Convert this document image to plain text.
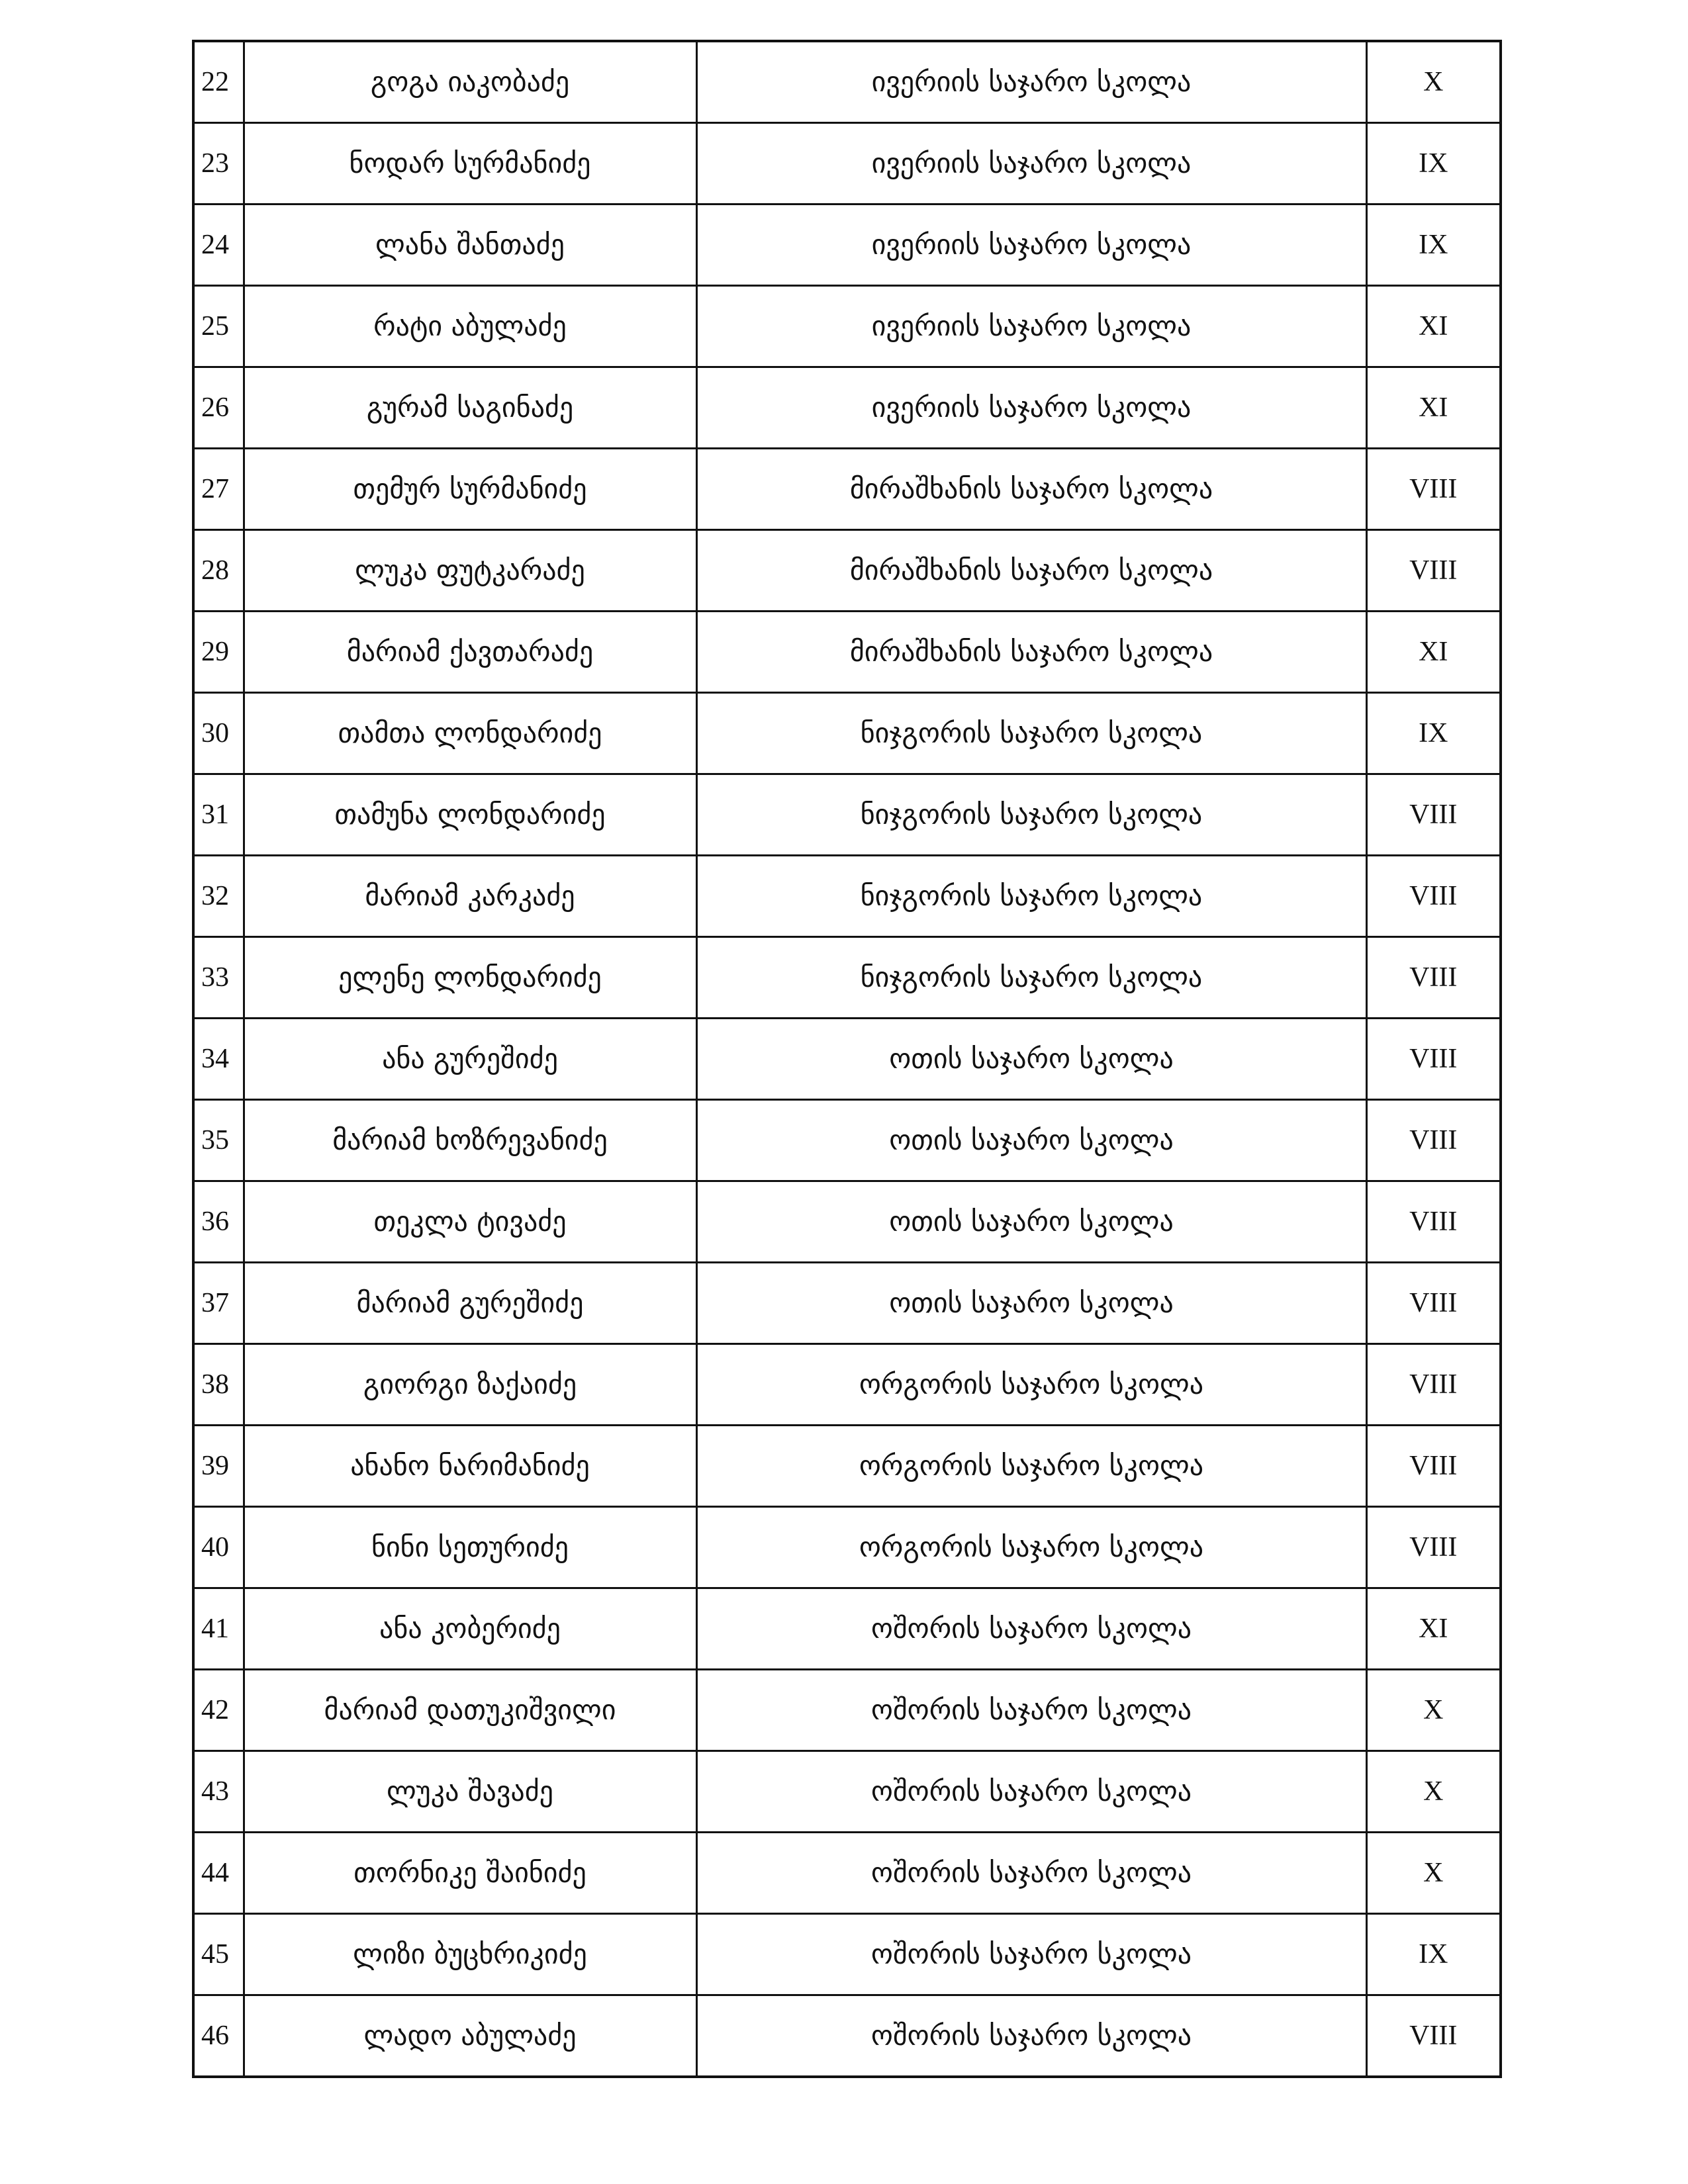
22	გოგა იაკობაძე	ივერიის საჯარო სკოლა	X
23	ნოდარ სურმანიძე	ივერიის საჯარო სკოლა	IX
24	ლანა შანთაძე	ივერიის საჯარო სკოლა	IX
25	რატი აბულაძე	ივერიის საჯარო სკოლა	XI
26	გურამ საგინაძე	ივერიის საჯარო სკოლა	XI
27	თემურ სურმანიძე	მირაშხანის საჯარო სკოლა	VIII
28	ლუკა ფუტკარაძე	მირაშხანის საჯარო სკოლა	VIII
29	მარიამ ქავთარაძე	მირაშხანის საჯარო სკოლა	XI
30	თამთა ლონდარიძე	ნიჯგორის საჯარო სკოლა	IX
31	თამუნა ლონდარიძე	ნიჯგორის საჯარო სკოლა	VIII
32	მარიამ კარკაძე	ნიჯგორის საჯარო სკოლა	VIII
33	ელენე ლონდარიძე	ნიჯგორის საჯარო სკოლა	VIII
34	ანა გურეშიძე	ოთის საჯარო სკოლა	VIII
35	მარიამ ხოზრევანიძე	ოთის საჯარო სკოლა	VIII
36	თეკლა ტივაძე	ოთის საჯარო სკოლა	VIII
37	მარიამ გურეშიძე	ოთის საჯარო სკოლა	VIII
38	გიორგი ზაქაიძე	ორგორის საჯარო სკოლა	VIII
39	ანანო ნარიმანიძე	ორგორის საჯარო სკოლა	VIII
40	ნინი სეთურიძე	ორგორის საჯარო სკოლა	VIII
41	ანა კობერიძე	ოშორის საჯარო სკოლა	XI
42	მარიამ დათუკიშვილი	ოშორის საჯარო სკოლა	X
43	ლუკა შავაძე	ოშორის საჯარო სკოლა	X
44	თორნიკე შაინიძე	ოშორის საჯარო სკოლა	X
45	ლიზი ბუცხრიკიძე	ოშორის საჯარო სკოლა	IX
46	ლადო აბულაძე	ოშორის საჯარო სკოლა	VIII
